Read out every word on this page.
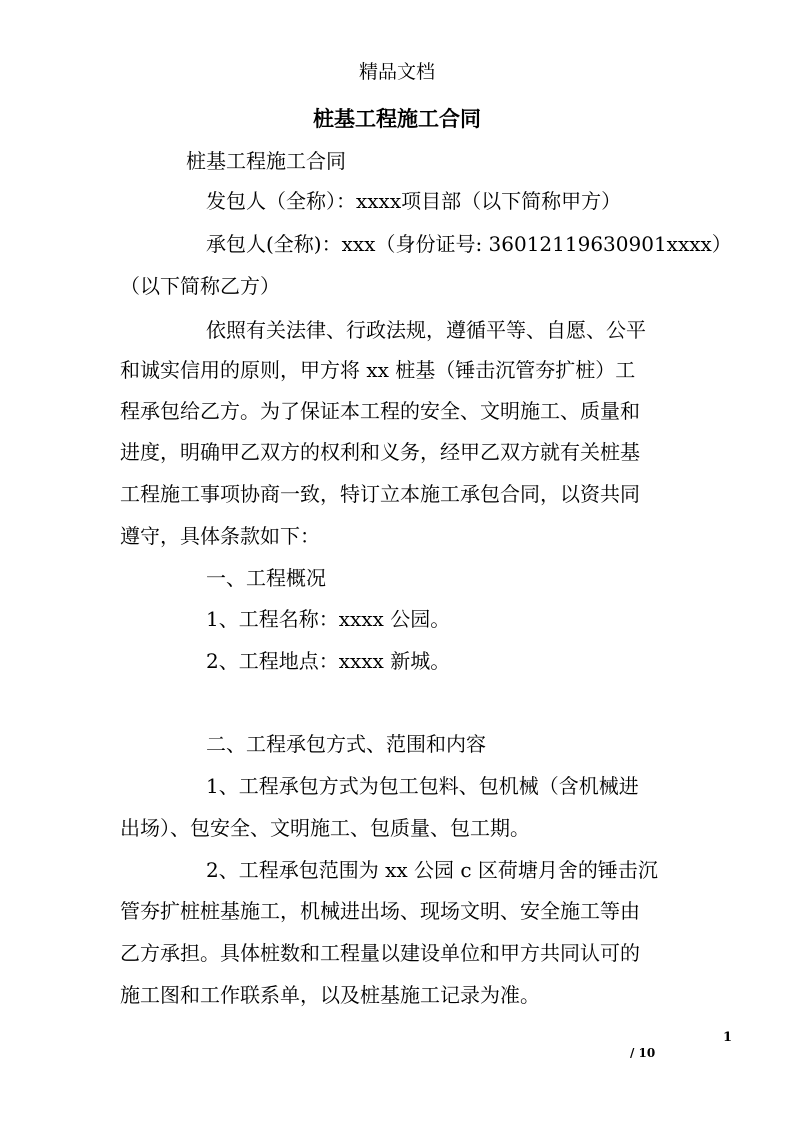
精品文档
桩基工程施工合同
桩基工程施工合同
发包人（全称）：xxxx项目部（以下简称甲方）
承包人(全称)：xxx（身份证号: 36012119630901xxxx）
（以下简称乙方）
依照有关法律、行政法规，遵循平等、自愿、公平
和诚实信用的原则，甲方将 xx 桩基（锤击沉管夯扩桩）工
程承包给乙方。为了保证本工程的安全、文明施工、质量和
进度，明确甲乙双方的权利和义务，经甲乙双方就有关桩基
工程施工事项协商一致，特订立本施工承包合同，以资共同
遵守，具体条款如下：
一、工程概况
1、工程名称：xxxx 公园。
2、工程地点：xxxx 新城。
二、工程承包方式、范围和内容
1、工程承包方式为包工包料、包机械（含机械进
出场）、包安全、文明施工、包质量、包工期。
2、工程承包范围为 xx 公园 c 区荷塘月舍的锤击沉
管夯扩桩桩基施工，机械进出场、现场文明、安全施工等由
乙方承担。具体桩数和工程量以建设单位和甲方共同认可的
施工图和工作联系单，以及桩基施工记录为准。
1
/ 10
